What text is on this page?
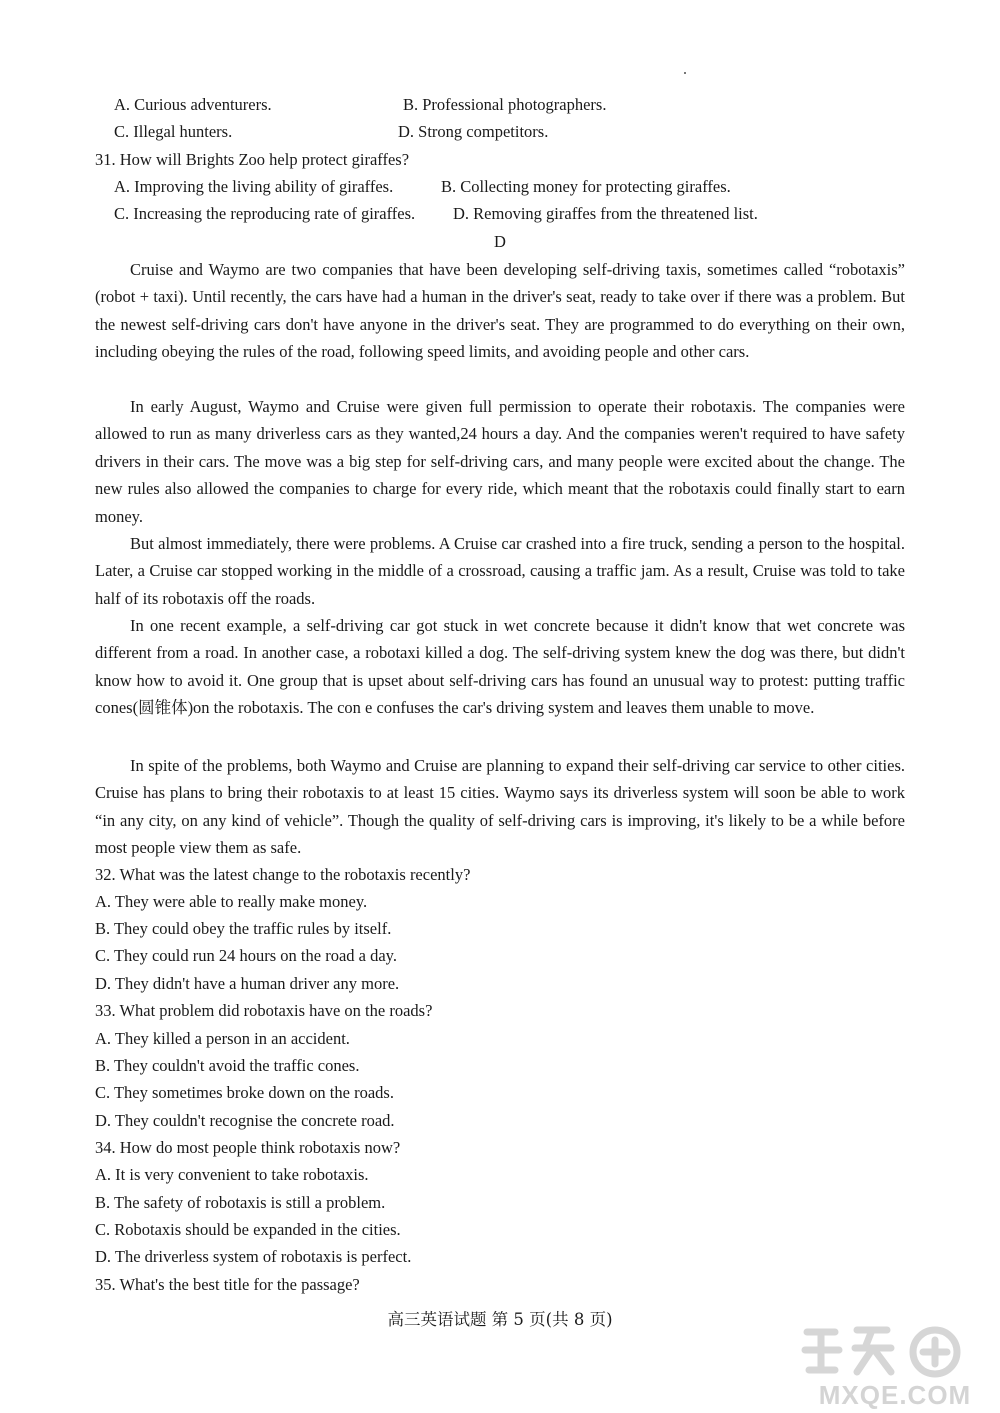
A. Curious adventurers.	B. Professional photographers.
C. Illegal hunters.	D. Strong competitors.
31. How will Brights Zoo help protect giraffes?
A. Improving the living ability of giraffes.	B. Collecting money for protecting giraffes.
C. Increasing the reproducing rate of giraffes. D. Removing giraffes from the threatened list.
D

Cruise and Waymo are two companies that have been developing self-driving taxis, sometimes called “robotaxis” (robot + taxi). Until recently, the cars have had a human in the driver's seat, ready to take over if there was a problem. But the newest self-driving cars don't have anyone in the driver's seat. They are programmed to do everything on their own, including obeying the rules of the road, following speed limits, and avoiding people and other cars.

In early August, Waymo and Cruise were given full permission to operate their robotaxis. The companies were allowed to run as many driverless cars as they wanted,24 hours a day. And the companies weren't required to have safety drivers in their cars. The move was a big step for self-driving cars, and many people were excited about the change. The new rules also allowed the companies to charge for every ride, which meant that the robotaxis could finally start to earn money.

But almost immediately, there were problems. A Cruise car crashed into a fire truck, sending a person to the hospital. Later, a Cruise car stopped working in the middle of a crossroad, causing a traffic jam. As a result, Cruise was told to take half of its robotaxis off the roads.

In one recent example, a self-driving car got stuck in wet concrete because it didn't know that wet concrete was different from a road. In another case, a robotaxi killed a dog. The self-driving system knew the dog was there, but didn't know how to avoid it. One group that is upset about self-driving cars has found an unusual way to protest: putting traffic cones(圆锥体)on the robotaxis. The con e confuses the car's driving system and leaves them unable to move.

In spite of the problems, both Waymo and Cruise are planning to expand their self-driving car service to other cities. Cruise has plans to bring their robotaxis to at least 15 cities. Waymo says its driverless system will soon be able to work “in any city, on any kind of vehicle”. Though the quality of self-driving cars is improving, it's likely to be a while before most people view them as safe.

32. What was the latest change to the robotaxis recently?
A. They were able to really make money.
B. They could obey the traffic rules by itself.
C. They could run 24 hours on the road a day.
D. They didn't have a human driver any more.
33. What problem did robotaxis have on the roads?
A. They killed a person in an accident.
B. They couldn't avoid the traffic cones.
C. They sometimes broke down on the roads.
D. They couldn't recognise the concrete road.
34. How do most people think robotaxis now?
A. It is very convenient to take robotaxis.
B. The safety of robotaxis is still a problem.
C. Robotaxis should be expanded in the cities.
D. The driverless system of robotaxis is perfect.
35. What's the best title for the passage?
高三英语试题 第 5 页(共 8 页)
MXQE.COM
